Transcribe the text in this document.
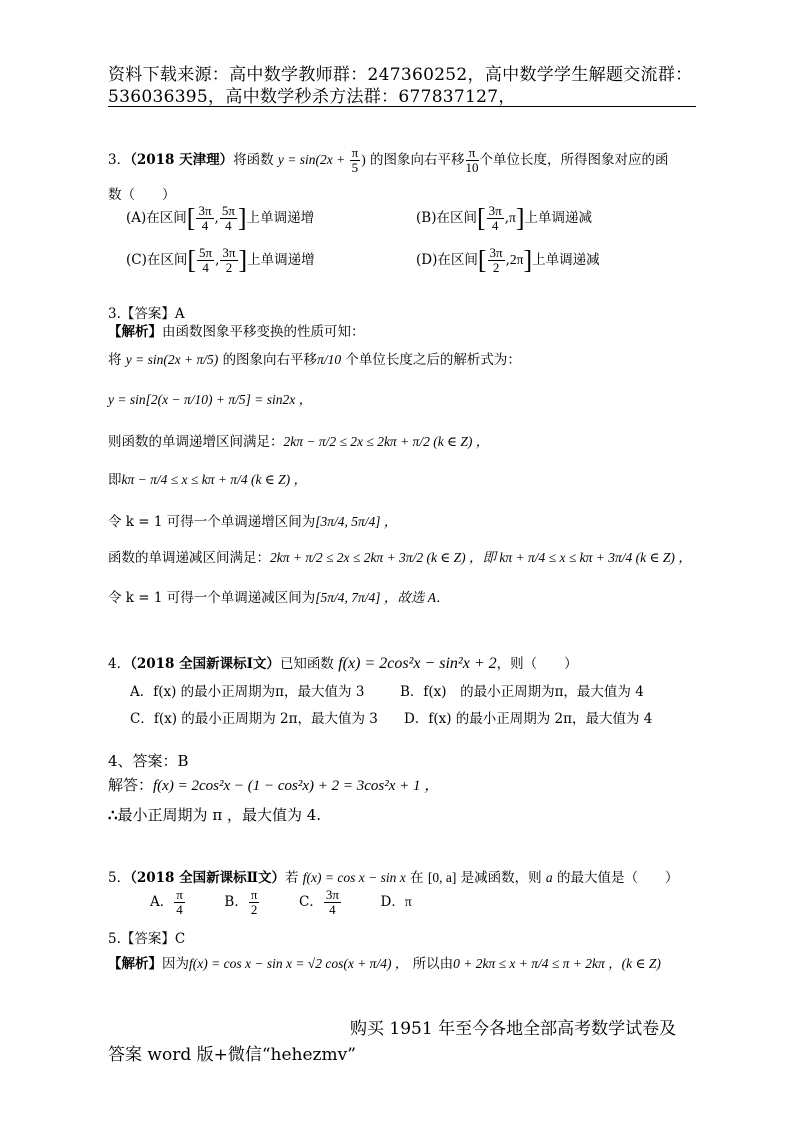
资料下载来源：高中数学教师群：247360252，高中数学学生解题交流群：
536036395，高中数学秒杀方法群：677837127，
3．（2018 天津理）将函数 $y = \sin(2x + \frac{\pi}{5}$ ) 的图象向右平移 $\frac{\pi}{10}$ 个单位长度，所得图象对应的函
数（　　）
(A)在区间[ $\frac{3\pi}{4}$ , $\frac{5\pi}{4}$ ]上单调递增	(B)在区间[ $\frac{3\pi}{4} ,\pi$]上单调递减
(C)在区间[ $\frac{5\pi}{4}$ , $\frac{3\pi}{2}$ ]上单调递增	(D)在区间[ $\frac{3\pi}{2} ,2\pi$]上单调递减
3.【答案】A
【解析】由函数图象平移变换的性质可知：
将 y = sin(2x + π/5) 的图象向右平移π/10 个单位长度之后的解析式为：
y = sin[2(x − π/10) + π/5] = sin2x ，
则函数的单调递增区间满足：2kπ − π/2 ≤ 2x ≤ 2kπ + π/2 (k ∈ Z) ，
即kπ − π/4 ≤ x ≤ kπ + π/4 (k ∈ Z) ，
令 k = 1 可得一个单调递增区间为[3π/4, 5π/4] ，
函数的单调递减区间满足：2kπ + π/2 ≤ 2x ≤ 2kπ + 3π/2 (k ∈ Z) ，即 kπ + π/4 ≤ x ≤ kπ + 3π/4 (k ∈ Z) ，
令 k = 1 可得一个单调递减区间为[5π/4, 7π/4] ，故选 A．
4．（2018 全国新课标Ⅰ文）已知函数 f(x) = 2cos²x − sin²x + 2，则（　　）
A．f(x) 的最小正周期为π，最大值为 3	B．f(x)　的最小正周期为π，最大值为 4
C．f(x) 的最小正周期为 2π，最大值为 3 D．f(x) 的最小正周期为 2π，最大值为 4
4、答案：B
解答：f(x) = 2cos²x − (1 − cos²x) + 2 = 3cos²x + 1 ，
∴最小正周期为 π ，最大值为 4.
5．（2018 全国新课标Ⅱ文）若 f(x) = cos x − sin x 在 [0, a] 是减函数，则 a 的最大值是（　　）
A． $\frac{\pi}{4}$	B． $\frac{\pi}{2}$	C． $\frac{3\pi}{4}$	D．π
5.【答案】C
【解析】因为f(x) = cos x − sin x = √2 cos(x + π/4) ， 所以由0 + 2kπ ≤ x + π/4 ≤ π + 2kπ ，(k ∈ Z)
购买 1951 年至今各地全部高考数学试卷及
答案 word 版+微信“hehezmv”
